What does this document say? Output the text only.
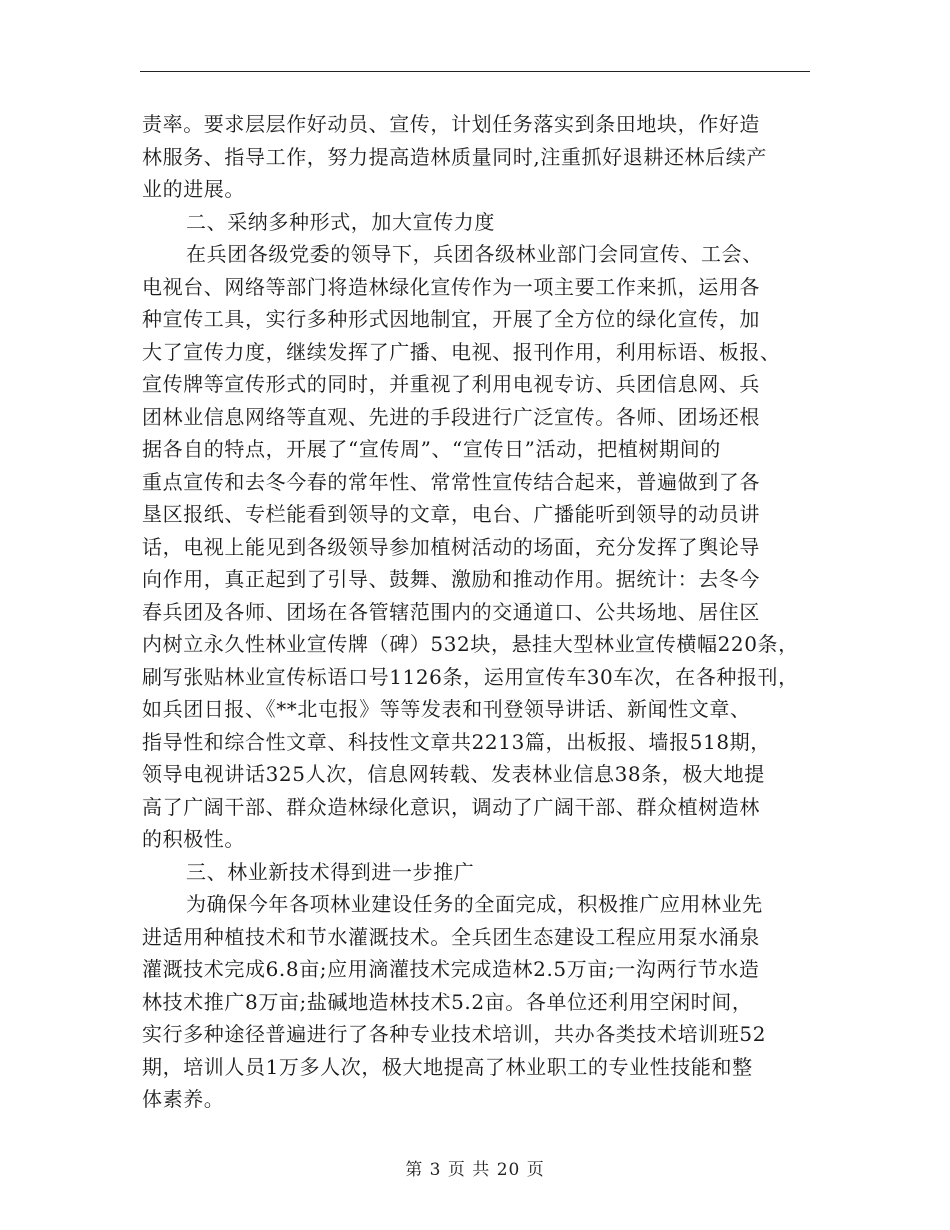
责率。要求层层作好动员、宣传，计划任务落实到条田地块，作好造
林服务、指导工作，努力提高造林质量同时,注重抓好退耕还林后续产
业的进展。
二、采纳多种形式，加大宣传力度
在兵团各级党委的领导下，兵团各级林业部门会同宣传、工会、
电视台、网络等部门将造林绿化宣传作为一项主要工作来抓，运用各
种宣传工具，实行多种形式因地制宜，开展了全方位的绿化宣传，加
大了宣传力度，继续发挥了广播、电视、报刊作用，利用标语、板报、
宣传牌等宣传形式的同时，并重视了利用电视专访、兵团信息网、兵
团林业信息网络等直观、先进的手段进行广泛宣传。各师、团场还根
据各自的特点，开展了“宣传周”、“宣传日”活动，把植树期间的
重点宣传和去冬今春的常年性、常常性宣传结合起来，普遍做到了各
垦区报纸、专栏能看到领导的文章，电台、广播能听到领导的动员讲
话，电视上能见到各级领导参加植树活动的场面，充分发挥了舆论导
向作用，真正起到了引导、鼓舞、激励和推动作用。据统计：去冬今
春兵团及各师、团场在各管辖范围内的交通道口、公共场地、居住区
内树立永久性林业宣传牌（碑）532块，悬挂大型林业宣传横幅220条，
刷写张贴林业宣传标语口号1126条，运用宣传车30车次，在各种报刊，
如兵团日报、《**北屯报》等等发表和刊登领导讲话、新闻性文章、
指导性和综合性文章、科技性文章共2213篇，出板报、墙报518期，
领导电视讲话325人次，信息网转载、发表林业信息38条，极大地提
高了广阔干部、群众造林绿化意识，调动了广阔干部、群众植树造林
的积极性。
三、林业新技术得到进一步推广
为确保今年各项林业建设任务的全面完成，积极推广应用林业先
进适用种植技术和节水灌溉技术。全兵团生态建设工程应用泵水涌泉
灌溉技术完成6.8亩;应用滴灌技术完成造林2.5万亩;一沟两行节水造
林技术推广8万亩;盐碱地造林技术5.2亩。各单位还利用空闲时间，
实行多种途径普遍进行了各种专业技术培训，共办各类技术培训班52
期，培训人员1万多人次，极大地提高了林业职工的专业性技能和整
体素养。
第 3 页 共 20 页
